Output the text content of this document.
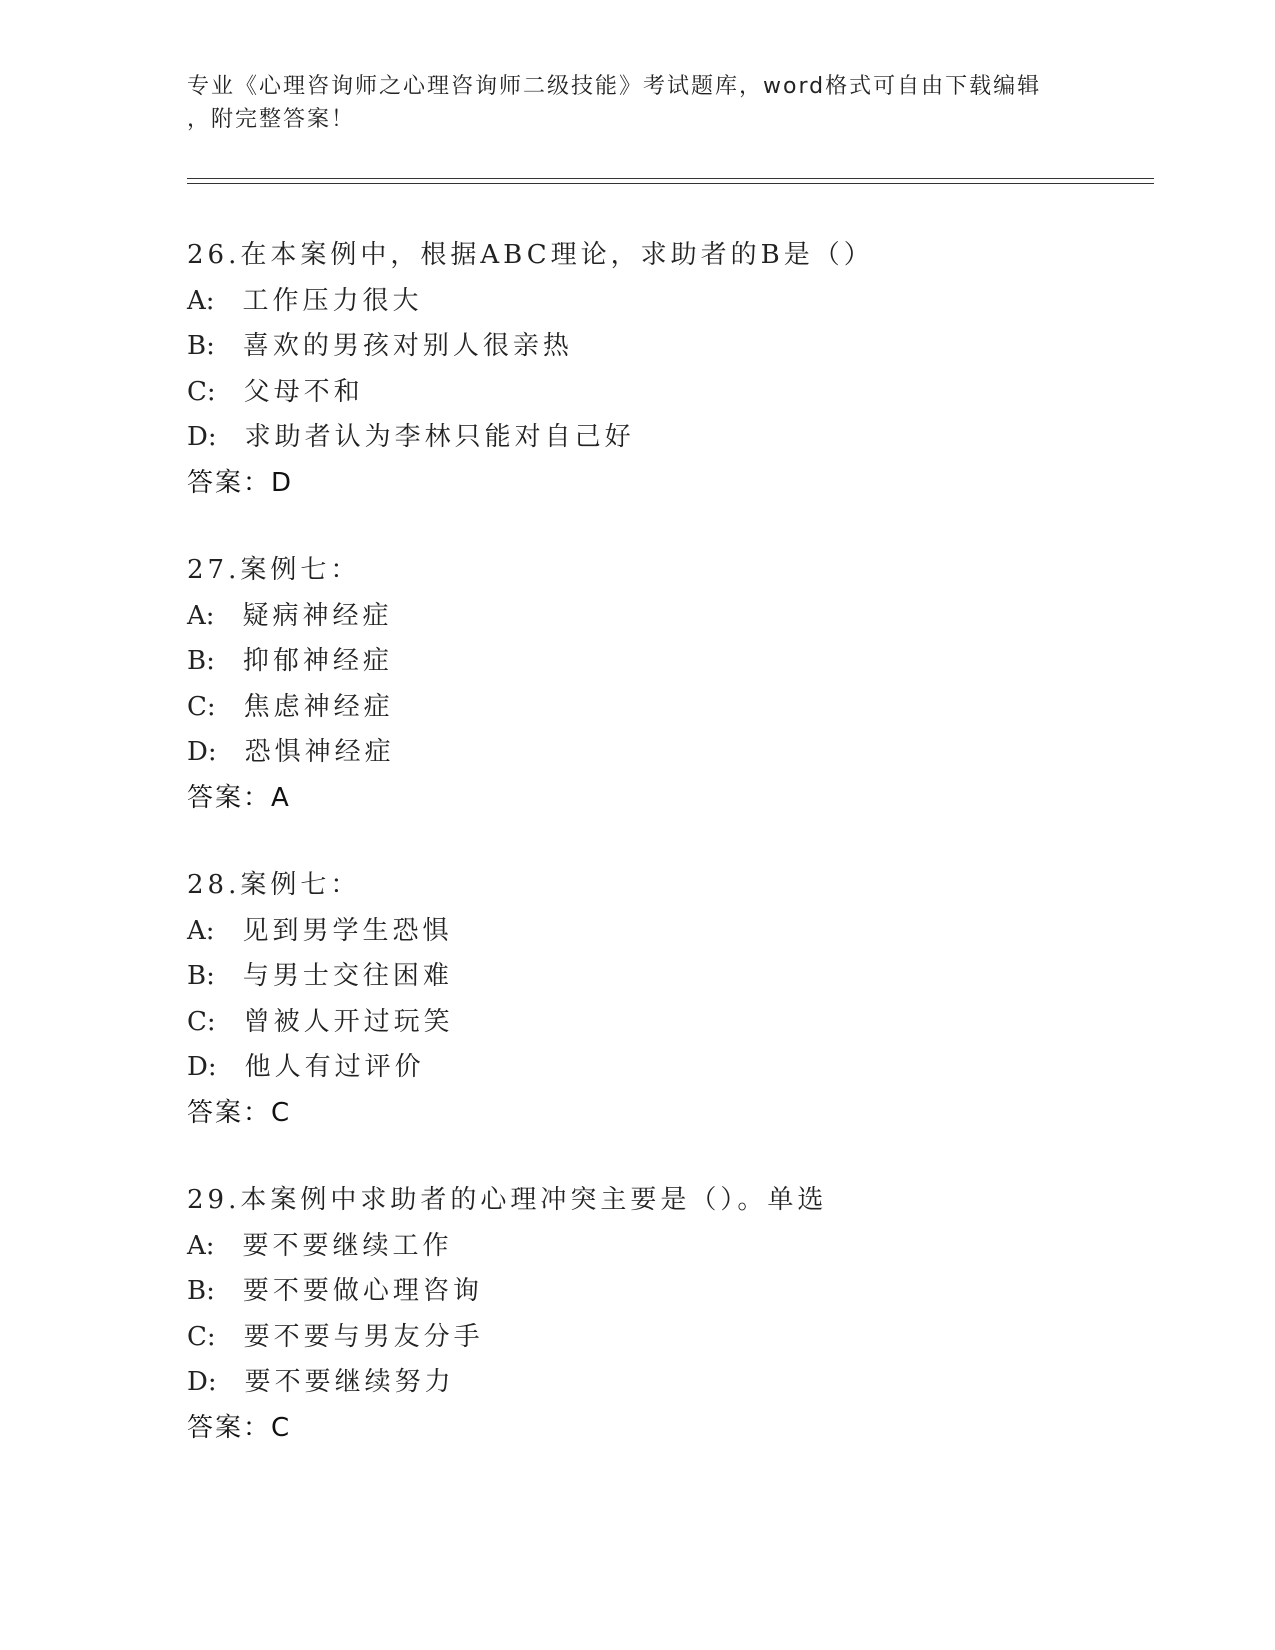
专业《心理咨询师之心理咨询师二级技能》考试题库，word格式可自由下载编辑
，附完整答案！
26.在本案例中，根据ABC理论，求助者的B是（）
A: 工作压力很大
B: 喜欢的男孩对别人很亲热
C: 父母不和
D: 求助者认为李林只能对自己好
答案：D
27.案例七：
A: 疑病神经症
B: 抑郁神经症
C: 焦虑神经症
D: 恐惧神经症
答案：A
28.案例七：
A: 见到男学生恐惧
B: 与男士交往困难
C: 曾被人开过玩笑
D: 他人有过评价
答案：C
29.本案例中求助者的心理冲突主要是（）。单选
A: 要不要继续工作
B: 要不要做心理咨询
C: 要不要与男友分手
D: 要不要继续努力
答案：C
